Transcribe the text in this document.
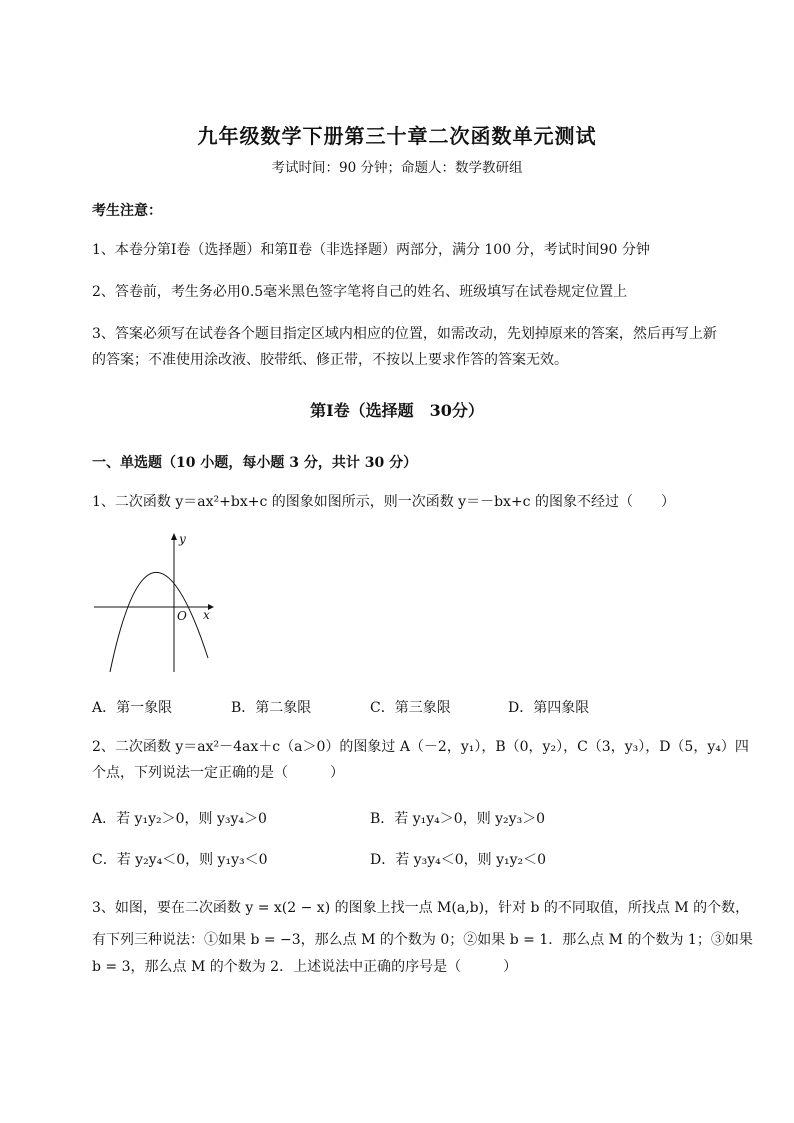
九年级数学下册第三十章二次函数单元测试
考试时间：90 分钟；命题人：数学教研组
考生注意：
1、本卷分第Ⅰ卷（选择题）和第Ⅱ卷（非选择题）两部分，满分 100 分，考试时间90 分钟
2、答卷前，考生务必用0.5毫米黑色签字笔将自己的姓名、班级填写在试卷规定位置上
3、答案必须写在试卷各个题目指定区域内相应的位置，如需改动，先划掉原来的答案，然后再写上新
的答案；不准使用涂改液、胶带纸、修正带，不按以上要求作答的答案无效。
第Ⅰ卷（选择题　30分）
一、单选题（10 小题，每小题 3 分，共计 30 分）
1、二次函数 y＝ax²+bx+c 的图象如图所示，则一次函数 y＝－bx+c 的图象不经过（　　）
y
x
O
A．第一象限	B．第二象限	C．第三象限	D．第四象限
2、二次函数 y＝ax²－4ax＋c（a＞0）的图象过 A（－2，y₁），B（0，y₂），C（3，y₃），D（5，y₄）四
个点，下列说法一定正确的是（　　　）
A．若 y₁y₂＞0，则 y₃y₄＞0	B．若 y₁y₄＞0，则 y₂y₃＞0
C．若 y₂y₄＜0，则 y₁y₃＜0	D．若 y₃y₄＜0，则 y₁y₂＜0
3、如图，要在二次函数 y = x(2 − x) 的图象上找一点 M(a,b)，针对 b 的不同取值，所找点 M 的个数，
有下列三种说法：①如果 b = −3，那么点 M 的个数为 0；②如果 b = 1．那么点 M 的个数为 1；③如果
b = 3，那么点 M 的个数为 2．上述说法中正确的序号是（　　　）
